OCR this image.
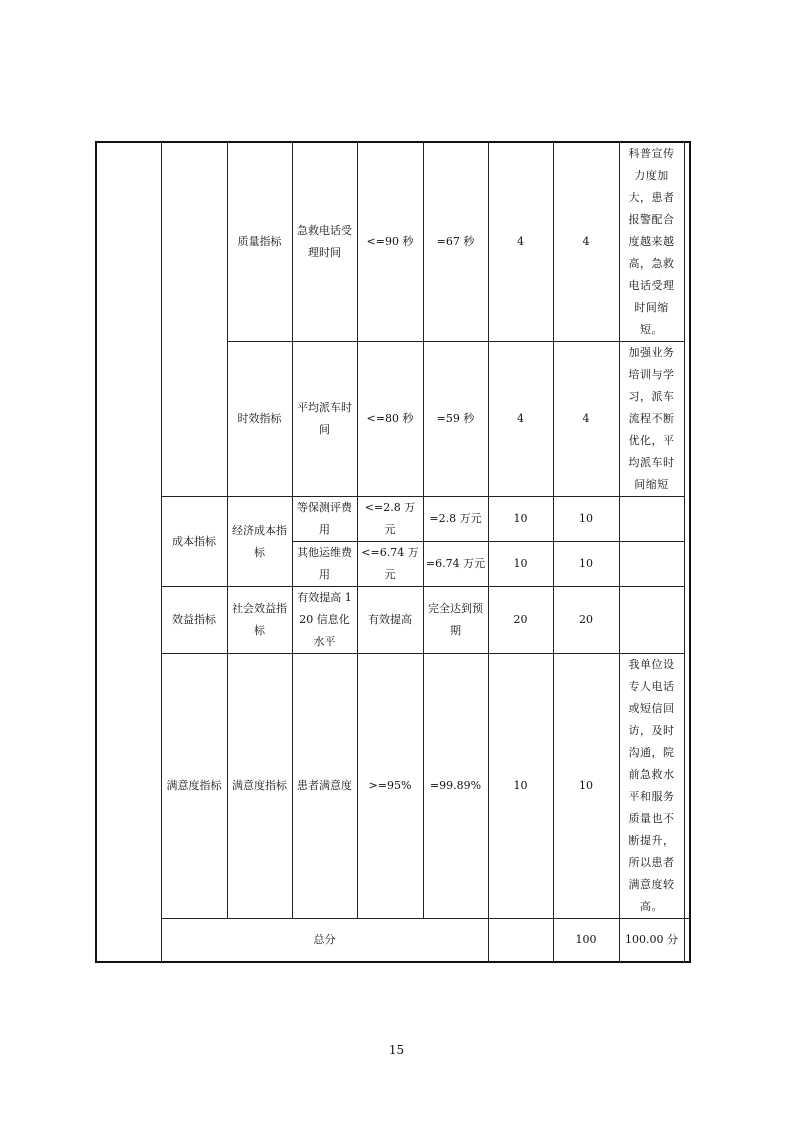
		质量指标	急救电话受理时间	<=90 秒	=67 秒	4	4	科普宣传力度加大，患者报警配合度越来越高，急救电话受理时间缩短。	
		时效指标	平均派车时间	<=80 秒	=59 秒	4	4	加强业务培训与学习，派车流程不断优化，平均派车时间缩短	
	成本指标	经济成本指标	等保测评费用	<=2.8 万元	=2.8 万元	10	10		
			其他运维费用	<=6.74 万元	=6.74 万元	10	10		
	效益指标	社会效益指标	有效提高 120 信息化水平	有效提高	完全达到预期	20	20		
	满意度指标	满意度指标	患者满意度	>=95%	=99.89%	10	10	我单位设专人电话或短信回访，及时沟通，院前急救水平和服务质量也不断提升，所以患者满意度较高。	
	总分						100	100.00 分	
15
